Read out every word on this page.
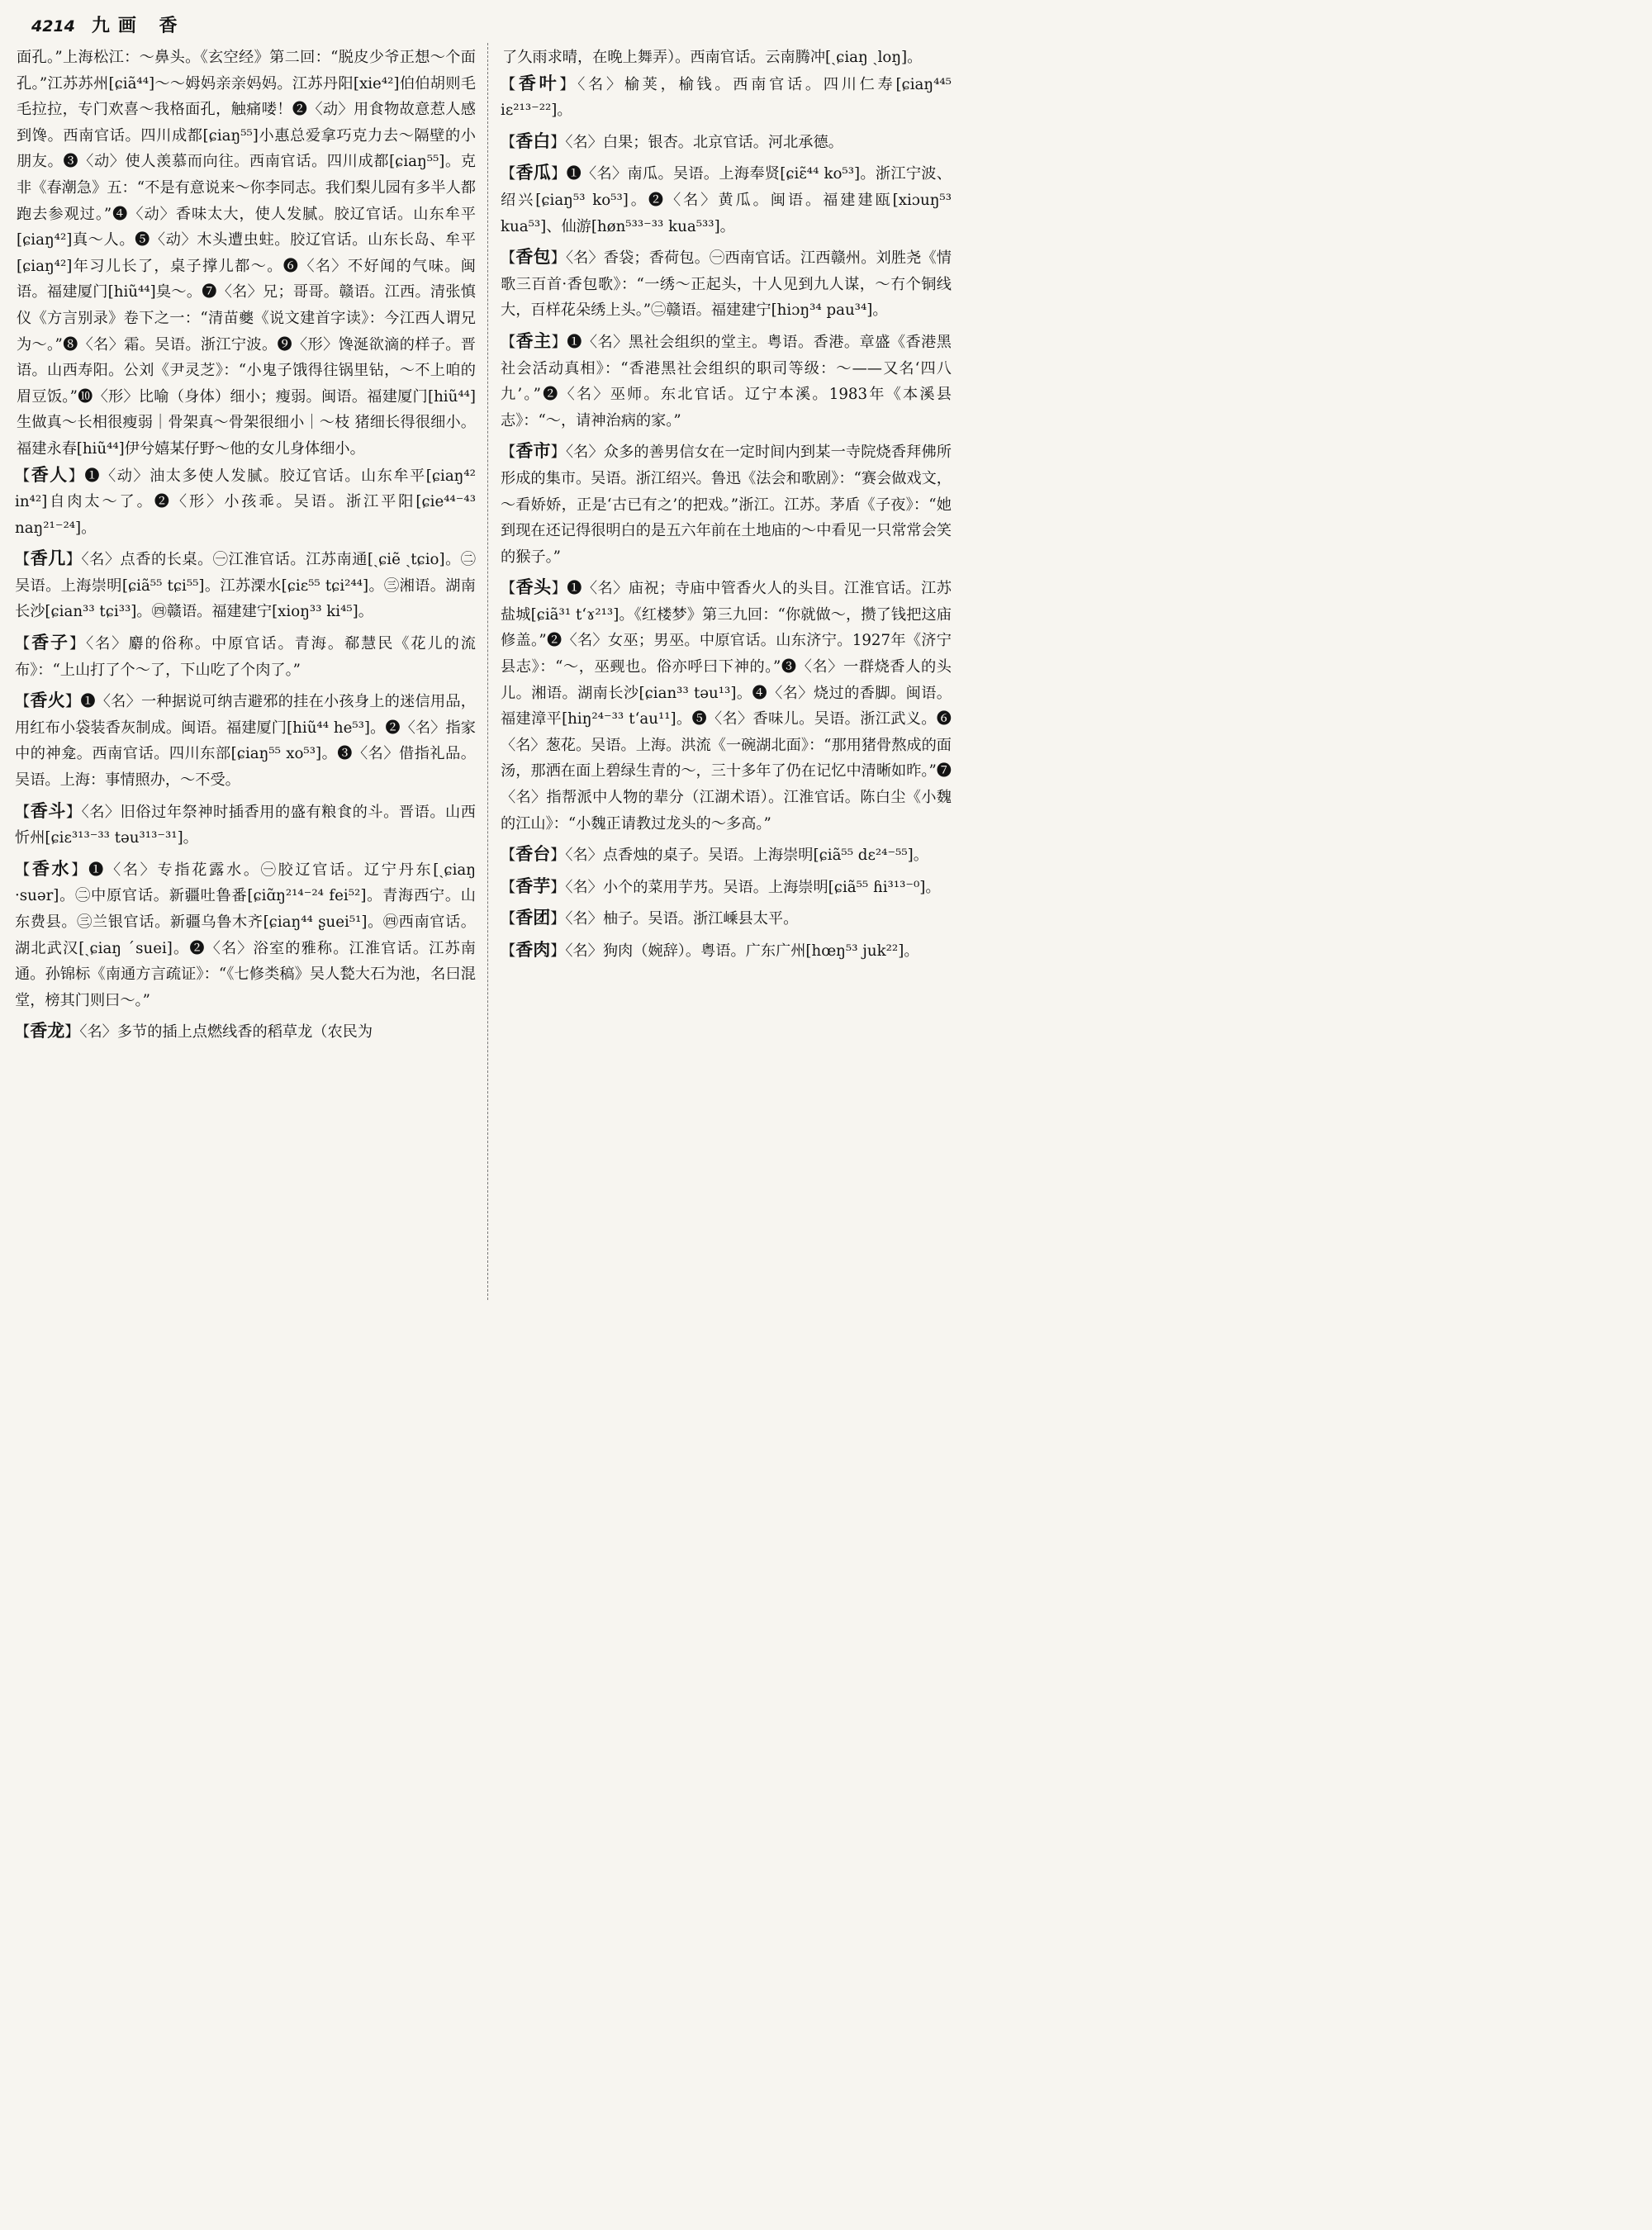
4214 九画 香

面孔。”上海松江：～鼻头。《玄空经》第二回：“脱皮少爷正想～个面孔。”江苏苏州[ɕiã⁴⁴]～～姆妈亲亲妈妈。江苏丹阳[xie⁴²]伯伯胡则毛毛拉拉，专门欢喜～我格面孔，触痛喽！❷〈动〉用食物故意惹人感到馋。西南官话。四川成都[ɕiaŋ⁵⁵]小惠总爱拿巧克力去～隔壁的小朋友。❸〈动〉使人羡慕而向往。西南官话。四川成都[ɕiaŋ⁵⁵]。克非《春潮急》五：“不是有意说来～你李同志。我们梨儿园有多半人都跑去参观过。”❹〈动〉香味太大，使人发腻。胶辽官话。山东牟平[ɕiaŋ⁴²]真～人。❺〈动〉木头遭虫蛀。胶辽官话。山东长岛、牟平[ɕiaŋ⁴²]年习儿长了，桌子撑儿都～。❻〈名〉不好闻的气味。闽语。福建厦门[hiũ⁴⁴]臭～。❼〈名〉兄；哥哥。赣语。江西。清张慎仪《方言别录》卷下之一：“清苗夔《说文建首字读》：今江西人谓兄为～。”❽〈名〉霜。吴语。浙江宁波。❾〈形〉馋涎欲滴的样子。晋语。山西寿阳。公刘《尹灵芝》：“小鬼子饿得往锅里钻，～不上咱的眉豆饭。”❿〈形〉比喻（身体）细小；瘦弱。闽语。福建厦门[hiũ⁴⁴]生做真～长相很瘦弱｜骨架真～骨架很细小｜～枝 猪细长得很细小。福建永春[hiũ⁴⁴]伊兮嬉某仔野～他的女儿身体细小。

【香人】❶〈动〉油太多使人发腻。胶辽官话。山东牟平[ɕiaŋ⁴² in⁴²]自肉太～了。❷〈形〉小孩乖。吴语。浙江平阳[ɕie⁴⁴⁻⁴³ naŋ²¹⁻²⁴]。

【香几】〈名〉点香的长桌。㊀江淮官话。江苏南通[ˏɕiẽ ˏtɕio]。㊁吴语。上海崇明[ɕiã⁵⁵ tɕi⁵⁵]。江苏溧水[ɕiɛ⁵⁵ tɕi²⁴⁴]。㊂湘语。湖南长沙[ɕian³³ tɕi³³]。㊃赣语。福建建宁[xioŋ³³ ki⁴⁵]。

【香子】〈名〉麝的俗称。中原官话。青海。郗慧民《花儿的流布》：“上山打了个～了，下山吃了个肉了。”

【香火】❶〈名〉一种据说可纳吉避邪的挂在小孩身上的迷信用品，用红布小袋装香灰制成。闽语。福建厦门[hiũ⁴⁴ he⁵³]。❷〈名〉指家中的神龛。西南官话。四川东部[ɕiaŋ⁵⁵ xo⁵³]。❸〈名〉借指礼品。吴语。上海：事情照办，～不受。

【香斗】〈名〉旧俗过年祭神时插香用的盛有粮食的斗。晋语。山西忻州[ɕiɛ³¹³⁻³³ təu³¹³⁻³¹]。

【香水】❶〈名〉专指花露水。㊀胶辽官话。辽宁丹东[ˏɕiaŋ ·suər]。㊁中原官话。新疆吐鲁番[ɕiɑ̃ŋ²¹⁴⁻²⁴ fei⁵²]。青海西宁。山东费县。㊂兰银官话。新疆乌鲁木齐[ɕiaŋ⁴⁴ ʂuei⁵¹]。㊃西南官话。湖北武汉[ˏɕiaŋ ˊsuei]。❷〈名〉浴室的雅称。江淮官话。江苏南通。孙锦标《南通方言疏证》：“《七修类稿》吴人甃大石为池，名曰混堂，榜其门则曰～。”

【香龙】〈名〉多节的插上点燃线香的稻草龙（农民为

了久雨求晴，在晚上舞弄）。西南官话。云南腾冲[ˏɕiaŋ ˏloŋ]。

【香叶】〈名〉榆荚，榆钱。西南官话。四川仁寿[ɕiaŋ⁴⁴⁵ iɛ²¹³⁻²²]。

【香白】〈名〉白果；银杏。北京官话。河北承德。

【香瓜】❶〈名〉南瓜。吴语。上海奉贤[ɕiɛ̃⁴⁴ ko⁵³]。浙江宁波、绍兴[ɕiaŋ⁵³ ko⁵³]。❷〈名〉黄瓜。闽语。福建建瓯[xiɔuŋ⁵³ kua⁵³]、仙游[høn⁵³³⁻³³ kua⁵³³]。

【香包】〈名〉香袋；香荷包。㊀西南官话。江西赣州。刘胜尧《情歌三百首·香包歌》：“一绣～正起头，十人见到九人谋，～冇个铜线大，百样花朵绣上头。”㊁赣语。福建建宁[hiɔŋ³⁴ pau³⁴]。

【香主】❶〈名〉黑社会组织的堂主。粤语。香港。章盛《香港黑社会活动真相》：“香港黑社会组织的职司等级：～——又名‘四八九’。”❷〈名〉巫师。东北官话。辽宁本溪。1983年《本溪县志》：“～，请神治病的家。”

【香市】〈名〉众多的善男信女在一定时间内到某一寺院烧香拜佛所形成的集市。吴语。浙江绍兴。鲁迅《法会和歌剧》：“赛会做戏文，～看娇娇，正是‘古已有之’的把戏。”浙江。江苏。茅盾《子夜》：“她到现在还记得很明白的是五六年前在土地庙的～中看见一只常常会笑的猴子。”

【香头】❶〈名〉庙祝；寺庙中管香火人的头目。江淮官话。江苏盐城[ɕiã³¹ tʻɤ²¹³]。《红楼梦》第三九回：“你就做～，攒了钱把这庙修盖。”❷〈名〉女巫；男巫。中原官话。山东济宁。1927年《济宁县志》：“～，巫觋也。俗亦呼曰下神的。”❸〈名〉一群烧香人的头儿。湘语。湖南长沙[ɕian³³ təu¹³]。❹〈名〉烧过的香脚。闽语。福建漳平[hiŋ²⁴⁻³³ tʻau¹¹]。❺〈名〉香味儿。吴语。浙江武义。❻〈名〉葱花。吴语。上海。洪流《一碗湖北面》：“那用猪骨熬成的面汤，那洒在面上碧绿生青的～，三十多年了仍在记忆中清晰如昨。”❼〈名〉指帮派中人物的辈分（江湖术语）。江淮官话。陈白尘《小魏的江山》：“小魏正请教过龙头的～多高。”

【香台】〈名〉点香烛的桌子。吴语。上海崇明[ɕiã⁵⁵ dɛ²⁴⁻⁵⁵]。

【香芋】〈名〉小个的菜用芋艿。吴语。上海崇明[ɕiã⁵⁵ ɦi³¹³⁻⁰]。

【香团】〈名〉柚子。吴语。浙江嵊县太平。

【香肉】〈名〉狗肉（婉辞）。粤语。广东广州[hœŋ⁵³ juk²²]。
